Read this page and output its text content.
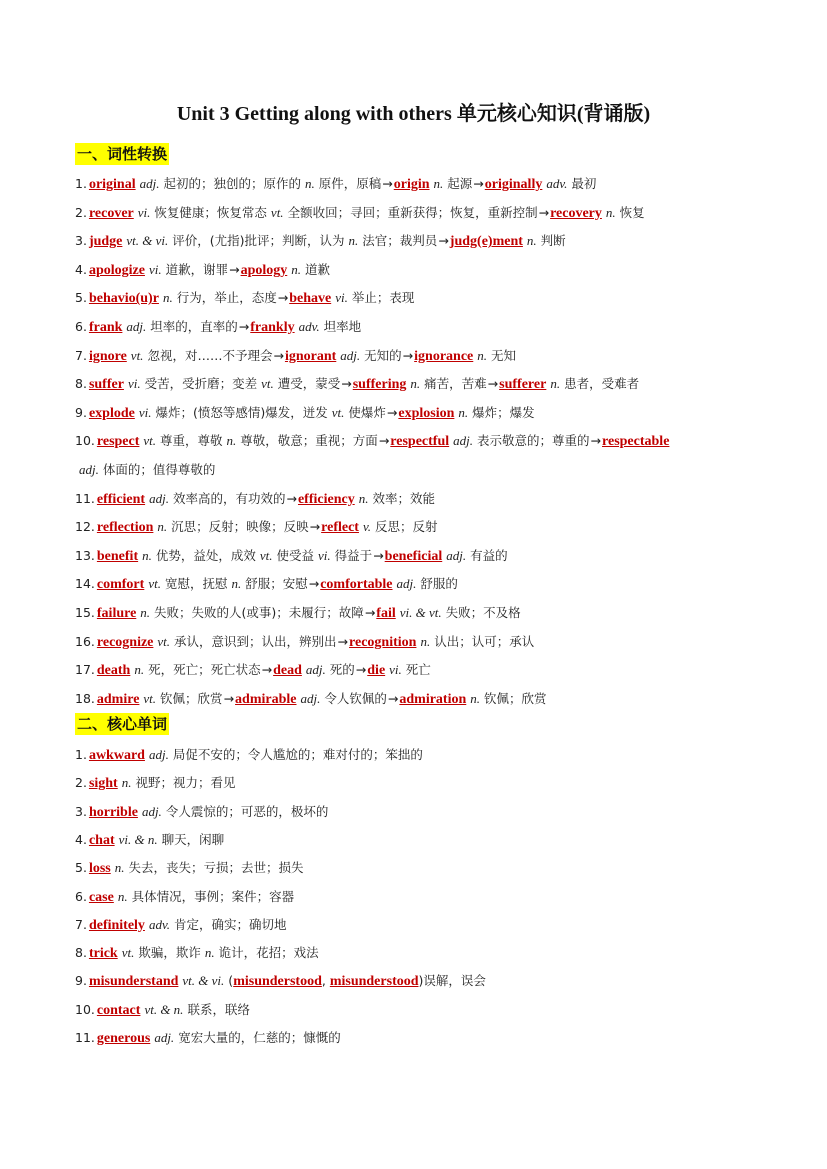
Unit 3 Getting along with others 单元核心知识(背诵版)
一、词性转换
1. original adj. 起初的；独创的；原作的 n. 原件，原稿→origin n. 起源→originally adv. 最初
2. recover vi. 恢复健康；恢复常态 vt. 全额收回；寻回；重新获得；恢复，重新控制→recovery n. 恢复
3. judge vt. & vi. 评价，(尤指)批评；判断，认为 n. 法官；裁判员→judg(e)ment n. 判断
4. apologize vi. 道歉，谢罪→apology n. 道歉
5. behavio(u)r n. 行为，举止，态度→behave vi. 举止；表现
6. frank adj. 坦率的，直率的→frankly adv. 坦率地
7. ignore vt. 忽视，对……不予理会→ignorant adj. 无知的→ignorance n. 无知
8. suffer vi. 受苦，受折磨；变差 vt. 遭受，蒙受→suffering n. 痛苦，苦难→sufferer n. 患者，受难者
9. explode vi. 爆炸；(愤怒等感情)爆发，迸发 vt. 使爆炸→explosion n. 爆炸；爆发
10. respect vt. 尊重，尊敬 n. 尊敬，敬意；重视；方面→respectful adj. 表示敬意的；尊重的→respectable
adj. 体面的；值得尊敬的
11. efficient adj. 效率高的，有功效的→efficiency n. 效率；效能
12. reflection n. 沉思；反射；映像；反映→reflect v. 反思；反射
13. benefit n. 优势，益处，成效 vt. 使受益 vi. 得益于→beneficial adj. 有益的
14. comfort vt. 宽慰，抚慰 n. 舒服；安慰→comfortable adj. 舒服的
15. failure n. 失败；失败的人(或事)；未履行；故障→fail vi. & vt. 失败；不及格
16. recognize vt. 承认，意识到；认出，辨别出→recognition n. 认出；认可；承认
17. death n. 死，死亡；死亡状态→dead adj. 死的→die vi. 死亡
18. admire vt. 钦佩；欣赏→admirable adj. 令人钦佩的→admiration n. 钦佩；欣赏
二、核心单词
1. awkward adj. 局促不安的；令人尴尬的；难对付的；笨拙的
2. sight n. 视野；视力；看见
3. horrible adj. 令人震惊的；可恶的，极坏的
4. chat vi. & n. 聊天，闲聊
5. loss n. 失去，丧失；亏损；去世；损失
6. case n. 具体情况，事例；案件；容器
7. definitely adv. 肯定，确实；确切地
8. trick vt. 欺骗，欺诈 n. 诡计，花招；戏法
9. misunderstand vt. & vi. (misunderstood, misunderstood)误解，误会
10. contact vt. & n. 联系，联络
11. generous adj. 宽宏大量的，仁慈的；慷慨的
